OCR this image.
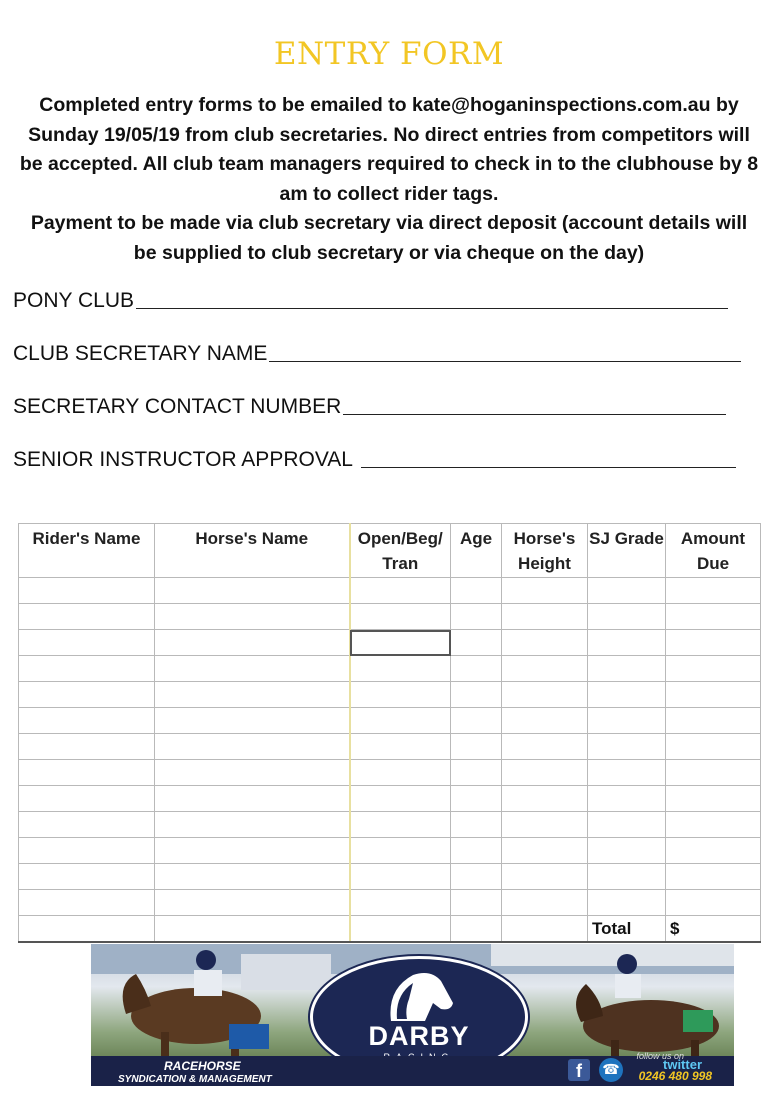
ENTRY FORM

Completed entry forms to be emailed to kate@hoganinspections.com.au by Sunday 19/05/19 from club secretaries. No direct entries from competitors will be accepted. All club team managers required to check in to the clubhouse by 8 am to collect rider tags.

Payment to be made via club secretary via direct deposit (account details will be supplied to club secretary or via cheque on the day)

PONY CLUB
CLUB SECRETARY NAME
SECRETARY CONTACT NUMBER
SENIOR INSTRUCTOR APPROVAL
Rider's Name	Horse's Name	Open/Beg/ Tran	Age	Horse's Height	SJ Grade	Amount Due

					Total	$
DARBY
RACEHORSE
SYNDICATION & MANAGEMENT	f	☎
follow us on
twitter
0246 480 998
